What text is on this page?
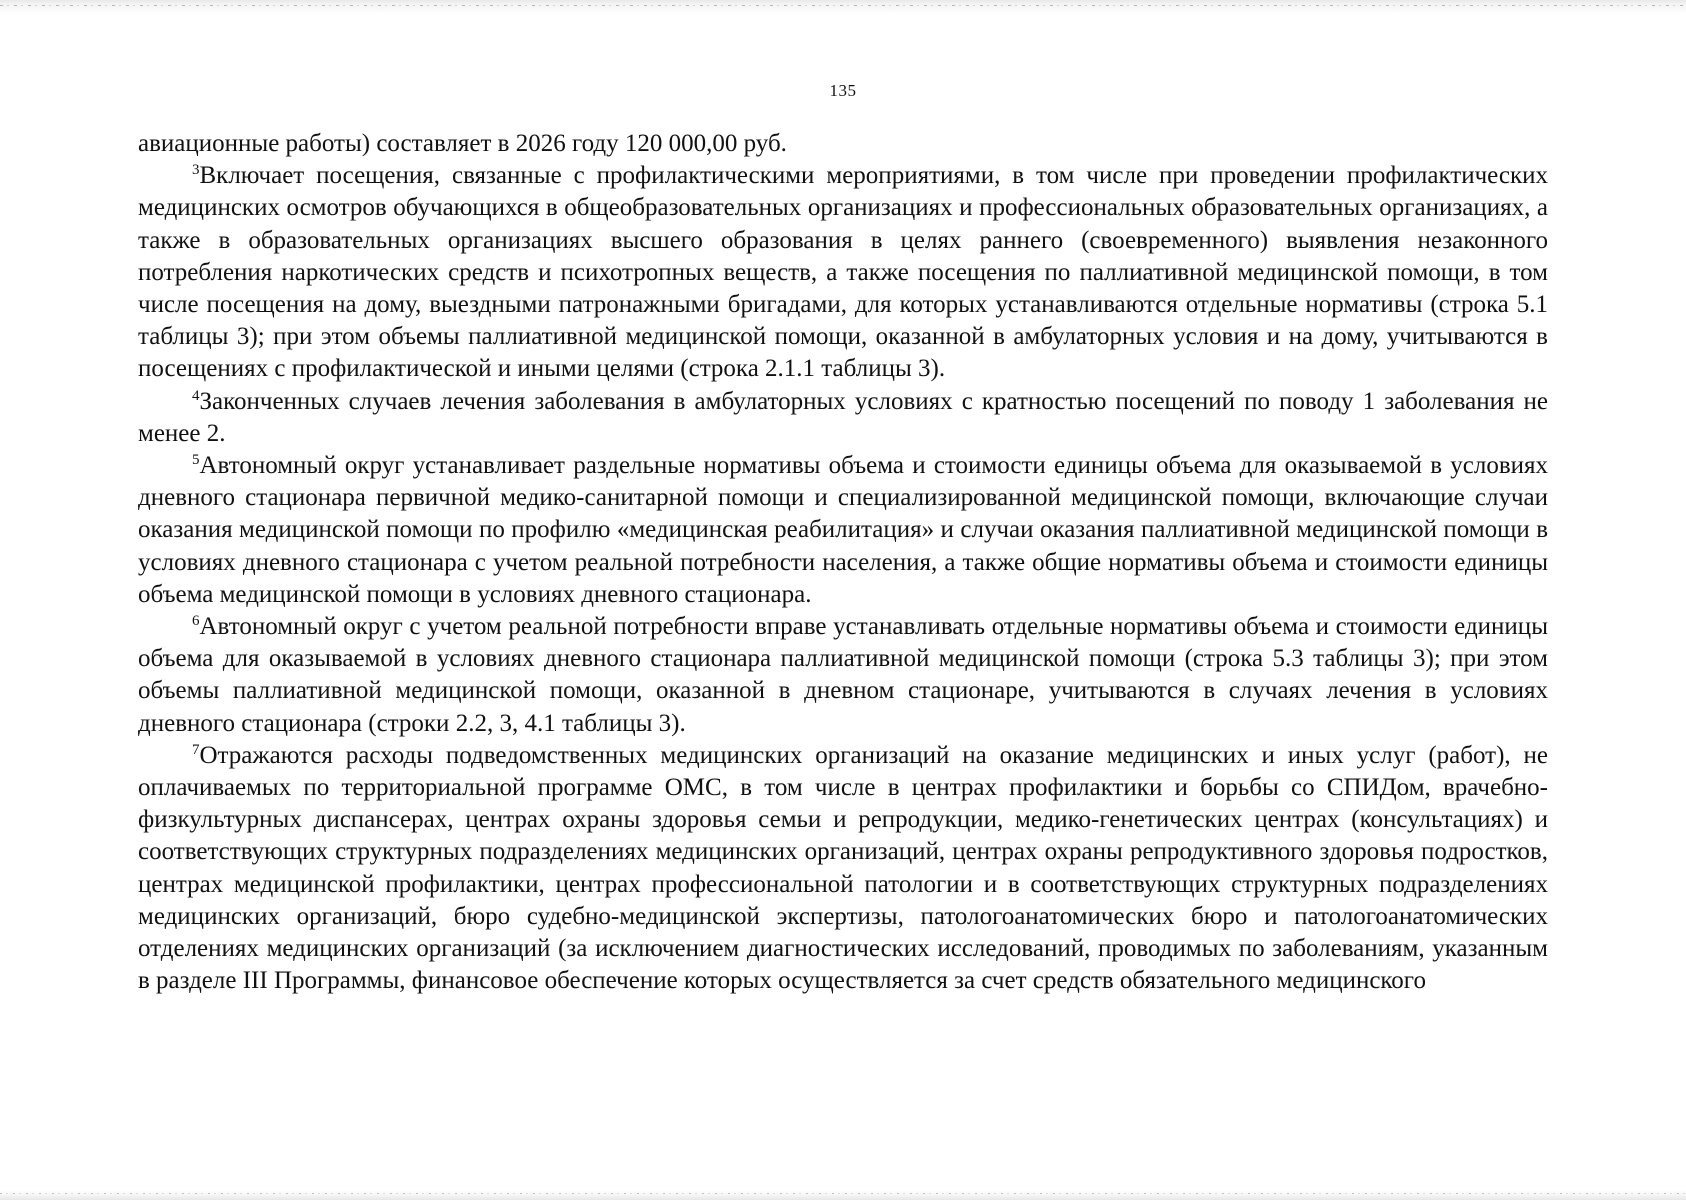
135

авиационные работы) составляет в 2026 году 120 000,00 руб.

$^3$Включает посещения, связанные с профилактическими мероприятиями, в том числе при проведении профилактических медицинских осмотров обучающихся в общеобразовательных организациях и профессиональных образовательных организациях, а также в образовательных организациях высшего образования в целях раннего (своевременного) выявления незаконного потребления наркотических средств и психотропных веществ, а также посещения по паллиативной медицинской помощи, в том числе посещения на дому, выездными патронажными бригадами, для которых устанавливаются отдельные нормативы (строка 5.1 таблицы 3); при этом объемы паллиативной медицинской помощи, оказанной в амбулаторных условия и на дому, учитываются в посещениях с профилактической и иными целями (строка 2.1.1 таблицы 3).

$^4$Законченных случаев лечения заболевания в амбулаторных условиях с кратностью посещений по поводу 1 заболевания не менее 2.

$^5$Автономный округ устанавливает раздельные нормативы объема и стоимости единицы объема для оказываемой в условиях дневного стационара первичной медико-санитарной помощи и специализированной медицинской помощи, включающие случаи оказания медицинской помощи по профилю «медицинская реабилитация» и случаи оказания паллиативной медицинской помощи в условиях дневного стационара с учетом реальной потребности населения, а также общие нормативы объема и стоимости единицы объема медицинской помощи в условиях дневного стационара.

$^6$Автономный округ с учетом реальной потребности вправе устанавливать отдельные нормативы объема и стоимости единицы объема для оказываемой в условиях дневного стационара паллиативной медицинской помощи (строка 5.3 таблицы 3); при этом объемы паллиативной медицинской помощи, оказанной в дневном стационаре, учитываются в случаях лечения в условиях дневного стационара (строки 2.2, 3, 4.1 таблицы 3).

$^7$Отражаются расходы подведомственных медицинских организаций на оказание медицинских и иных услуг (работ), не оплачиваемых по территориальной программе ОМС, в том числе в центрах профилактики и борьбы со СПИДом, врачебно-физкультурных диспансерах, центрах охраны здоровья семьи и репродукции, медико-генетических центрах (консультациях) и соответствующих структурных подразделениях медицинских организаций, центрах охраны репродуктивного здоровья подростков, центрах медицинской профилактики, центрах профессиональной патологии и в соответствующих структурных подразделениях медицинских организаций, бюро судебно-медицинской экспертизы, патологоанатомических бюро и патологоанатомических отделениях медицинских организаций (за исключением диагностических исследований, проводимых по заболеваниям, указанным в разделе III Программы, финансовое обеспечение которых осуществляется за счет средств обязательного медицинского
